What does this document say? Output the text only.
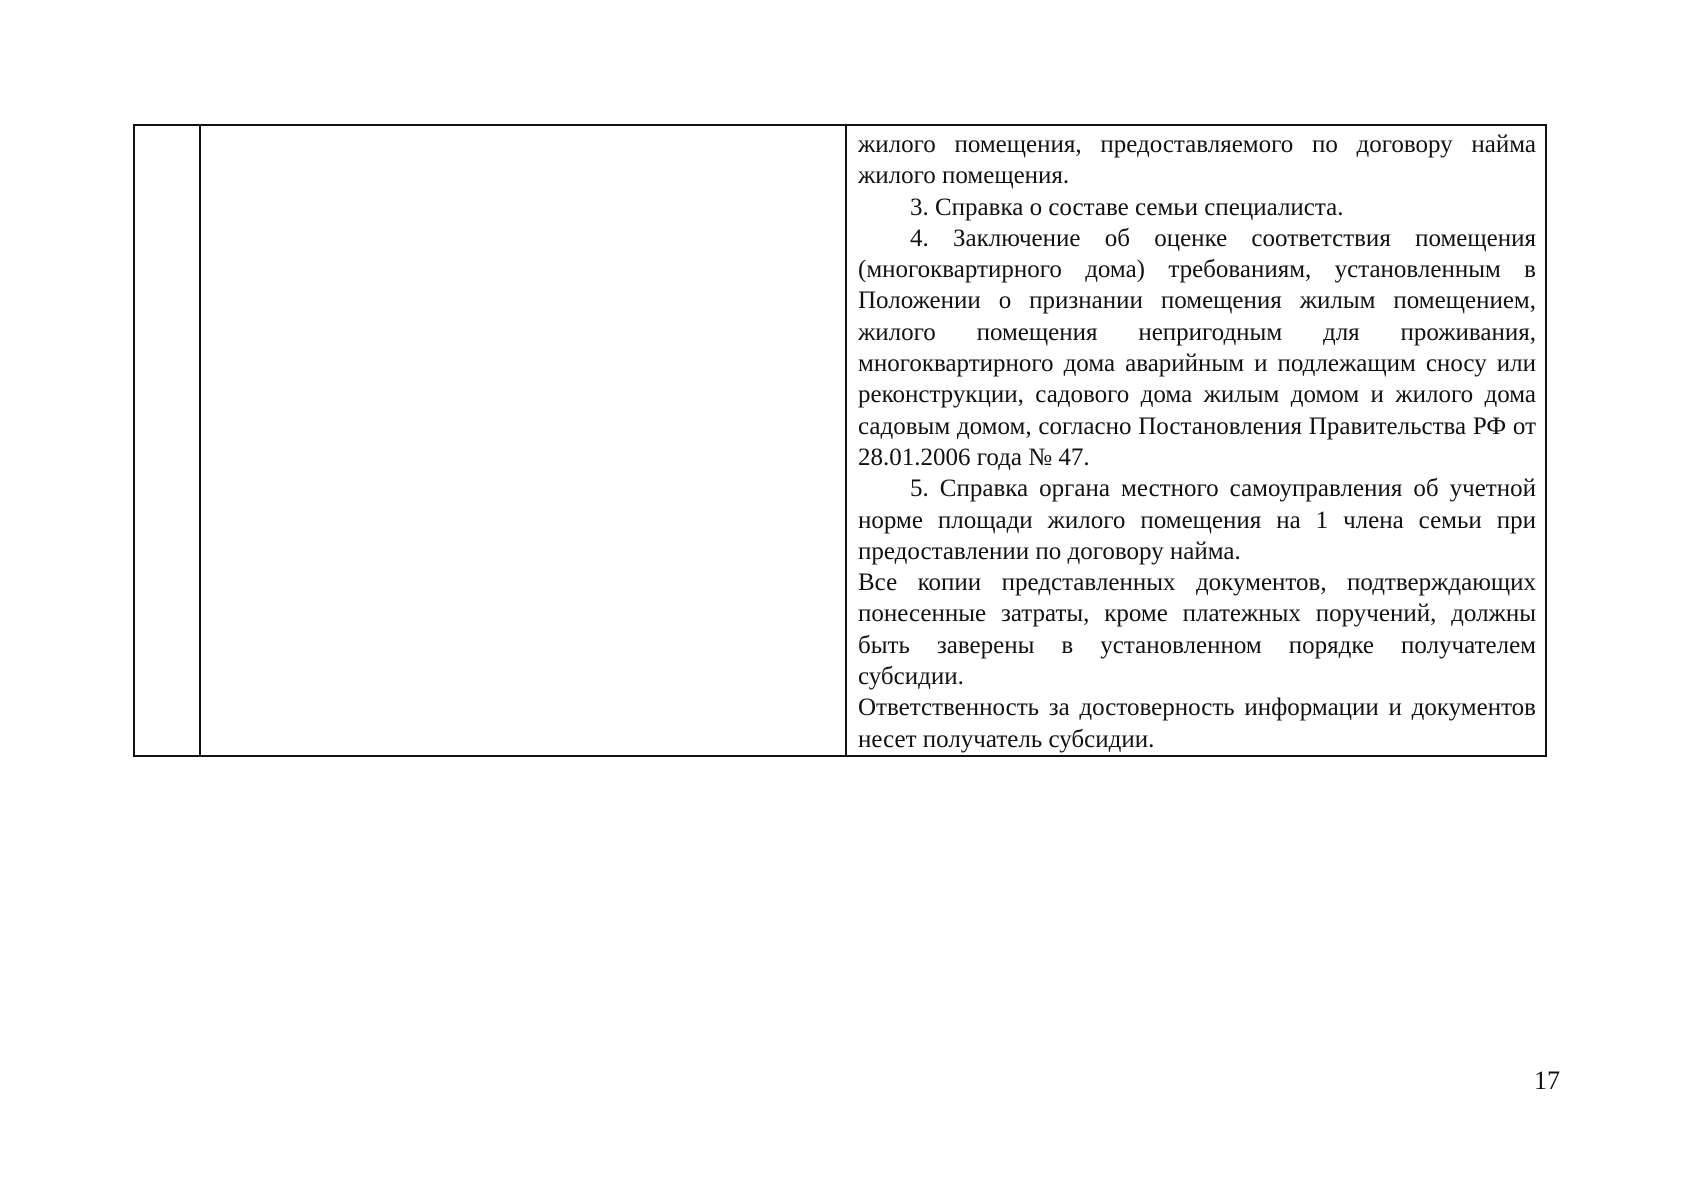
жилого помещения, предоставляемого по договору найма жилого помещения.

3. Справка о составе семьи специалиста.

4. Заключение об оценке соответствия помещения (многоквартирного дома) требованиям, установленным в Положении о признании помещения жилым помещением, жилого помещения непригодным для проживания, многоквартирного дома аварийным и подлежащим сносу или реконструкции, садового дома жилым домом и жилого дома садовым домом, согласно Постановления Правительства РФ от 28.01.2006 года № 47.

5. Справка органа местного самоуправления об учетной норме площади жилого помещения на 1 члена семьи при предоставлении по договору найма.

Все копии представленных документов, подтверждающих понесенные затраты, кроме платежных поручений, должны быть заверены в установленном порядке получателем субсидии.

Ответственность за достоверность информации и документов несет получатель субсидии.

17
